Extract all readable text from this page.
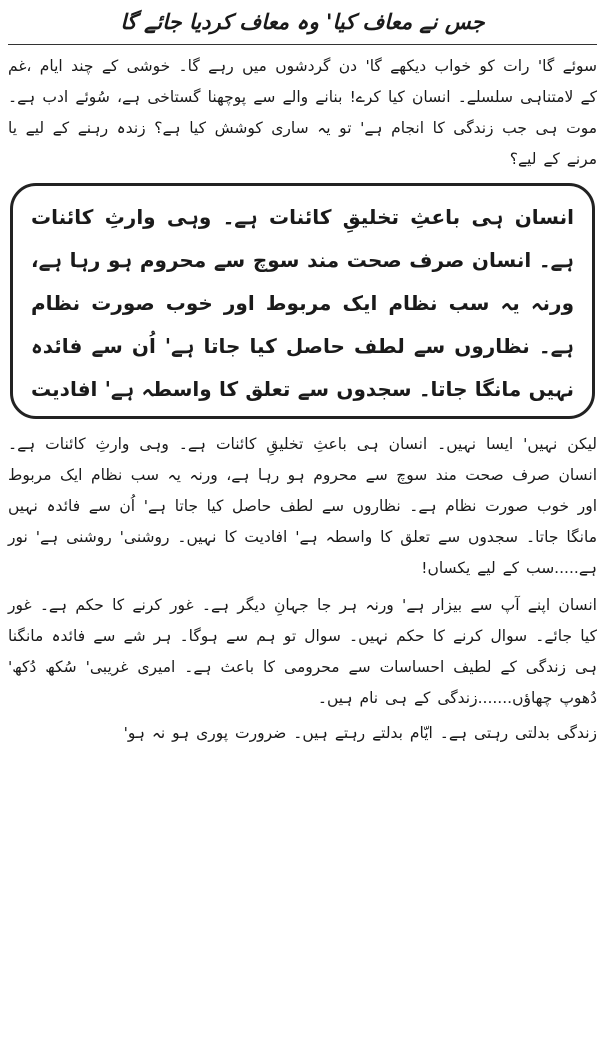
جس نے معاف کیا' وہ معاف کردیا جائے گا

سوئے گا' رات کو خواب دیکھے گا' دن گردشوں میں رہے گا۔ خوشی کے چند ایام ،غم کے لامتناہی سلسلے۔ انسان کیا کرے! بنانے والے سے پوچھنا گستاخی ہے، سُوئے ادب ہے۔ موت ہی جب زندگی کا انجام ہے' تو یہ ساری کوشش کیا ہے؟ زندہ رہنے کے لیے یا مرنے کے لیے؟

انسان ہی باعثِ تخلیقِ کائنات ہے۔ وہی وارثِ کائنات ہے۔ انسان صرف صحت مند سوچ سے محروم ہو رہا ہے، ورنہ یہ سب نظام ایک مربوط اور خوب صورت نظام ہے۔ نظاروں سے لطف حاصل کیا جاتا ہے' اُن سے فائدہ نہیں مانگا جاتا۔ سجدوں سے تعلق کا واسطہ ہے' افادیت

لیکن نہیں' ایسا نہیں۔ انسان ہی باعثِ تخلیقِ کائنات ہے۔ وہی وارثِ کائنات ہے۔ انسان صرف صحت مند سوچ سے محروم ہو رہا ہے، ورنہ یہ سب نظام ایک مربوط اور خوب صورت نظام ہے۔ نظاروں سے لطف حاصل کیا جاتا ہے' اُن سے فائدہ نہیں مانگا جاتا۔ سجدوں سے تعلق کا واسطہ ہے' افادیت کا نہیں۔ روشنی' روشنی ہے' نور ہے.....سب کے لیے یکساں!

انسان اپنے آپ سے بیزار ہے' ورنہ ہر جا جہانِ دیگر ہے۔ غور کرنے کا حکم ہے۔ غور کیا جائے۔ سوال کرنے کا حکم نہیں۔ سوال تو ہم سے ہوگا۔ ہر شے سے فائدہ مانگنا ہی زندگی کے لطیف احساسات سے محرومی کا باعث ہے۔ امیری غریبی' سُکھ دُکھ' دُھوپ چھاؤں.......زندگی کے ہی نام ہیں۔

زندگی بدلتی رہتی ہے۔ ایّام بدلتے رہتے ہیں۔ ضرورت پوری ہو نہ ہو'
